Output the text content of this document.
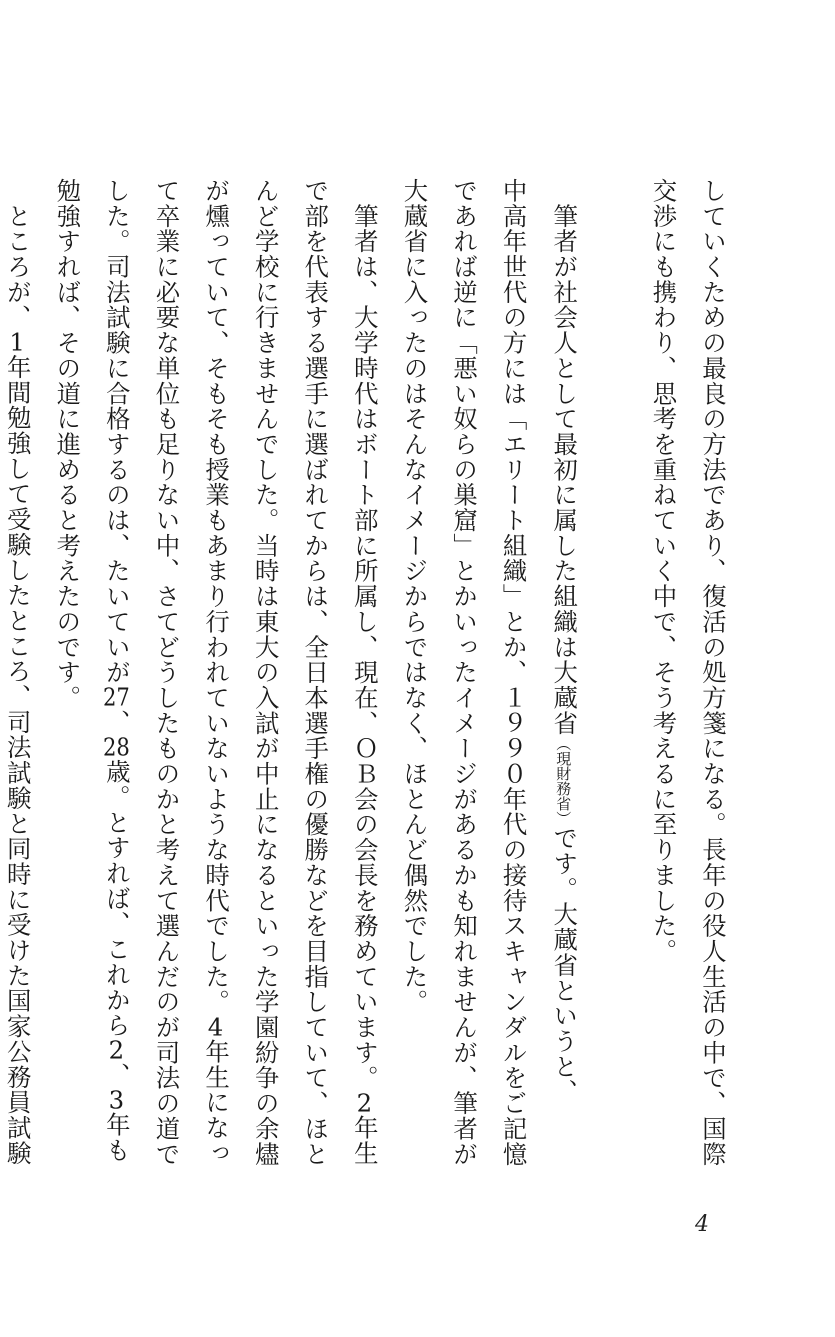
していくための最良の方法であり、復活の処方箋になる。長年の役人生活の中で、国際
交渉にも携わり、思考を重ねていく中で、そう考えるに至りました。
　筆者が社会人として最初に属した組織は大蔵省（現財務省）です。大蔵省というと、
中高年世代の方には「エリート組織」とか、１９９０年代の接待スキャンダルをご記憶
であれば逆に「悪い奴らの巣窟」とかいったイメージがあるかも知れませんが、筆者が
大蔵省に入ったのはそんなイメージからではなく、ほとんど偶然でした。
　筆者は、大学時代はボート部に所属し、現在、ＯＢ会の会長を務めています。2年生
で部を代表する選手に選ばれてからは、全日本選手権の優勝などを目指していて、ほと
んど学校に行きませんでした。当時は東大の入試が中止になるといった学園紛争の余燼
が燻っていて、そもそも授業もあまり行われていないような時代でした。4年生になっ
て卒業に必要な単位も足りない中、さてどうしたものかと考えて選んだのが司法の道で
した。司法試験に合格するのは、たいていが27、28歳。とすれば、これから2、3年も
勉強すれば、その道に進めると考えたのです。
　ところが、1年間勉強して受験したところ、司法試験と同時に受けた国家公務員試験
4
